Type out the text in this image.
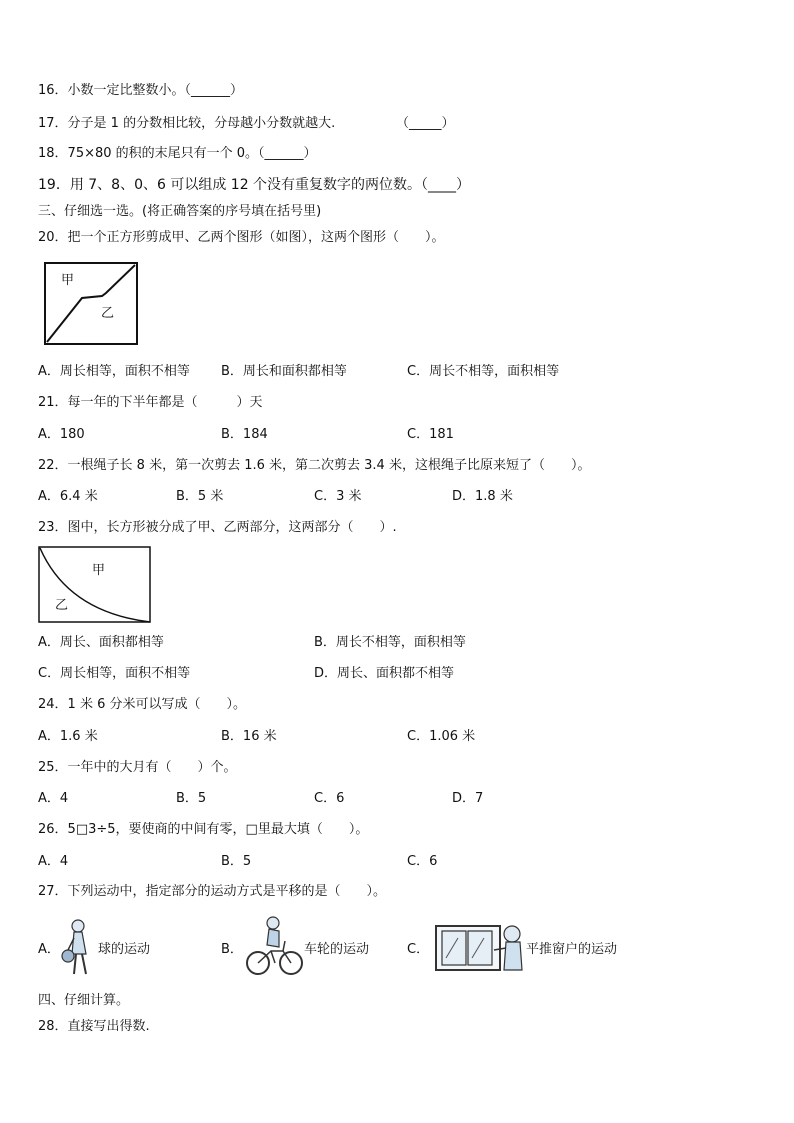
16．小数一定比整数小。（______）
17．分子是 1 的分数相比较，分母越小分数就越大.	（_____）
18．75×80 的积的末尾只有一个 0。（______）
19．用 7、8、0、6 可以组成 12 个没有重复数字的两位数。（____）
三、仔细选一选。(将正确答案的序号填在括号里)
20．把一个正方形剪成甲、乙两个图形（如图），这两个图形（　　）。
甲
乙
A．周长相等，面积不相等 B．周长和面积都相等	C．周长不相等，面积相等
21．每一年的下半年都是（　　　）天
A．180	B．184	C．181
22．一根绳子长 8 米，第一次剪去 1.6 米，第二次剪去 3.4 米，这根绳子比原来短了（　　）。
A．6.4 米	B．5 米	C．3 米	D．1.8 米
23．图中，长方形被分成了甲、乙两部分，这两部分（　　）.
甲
乙
A．周长、面积都相等	B．周长不相等，面积相等
C．周长相等，面积不相等	D．周长、面积都不相等
24．1 米 6 分米可以写成（　　）。
A．1.6 米	B．16 米	C．1.06 米
25．一年中的大月有（　　）个。
A．4	B．5	C．6	D．7
26．5□3÷5，要使商的中间有零，□里最大填（　　）。
A．4	B．5	C．6
27．下列运动中，指定部分的运动方式是平移的是（　　）。
A．	球的运动	B．	车轮的运动	C．	平推窗户的运动
四、仔细计算。
28．直接写出得数.
